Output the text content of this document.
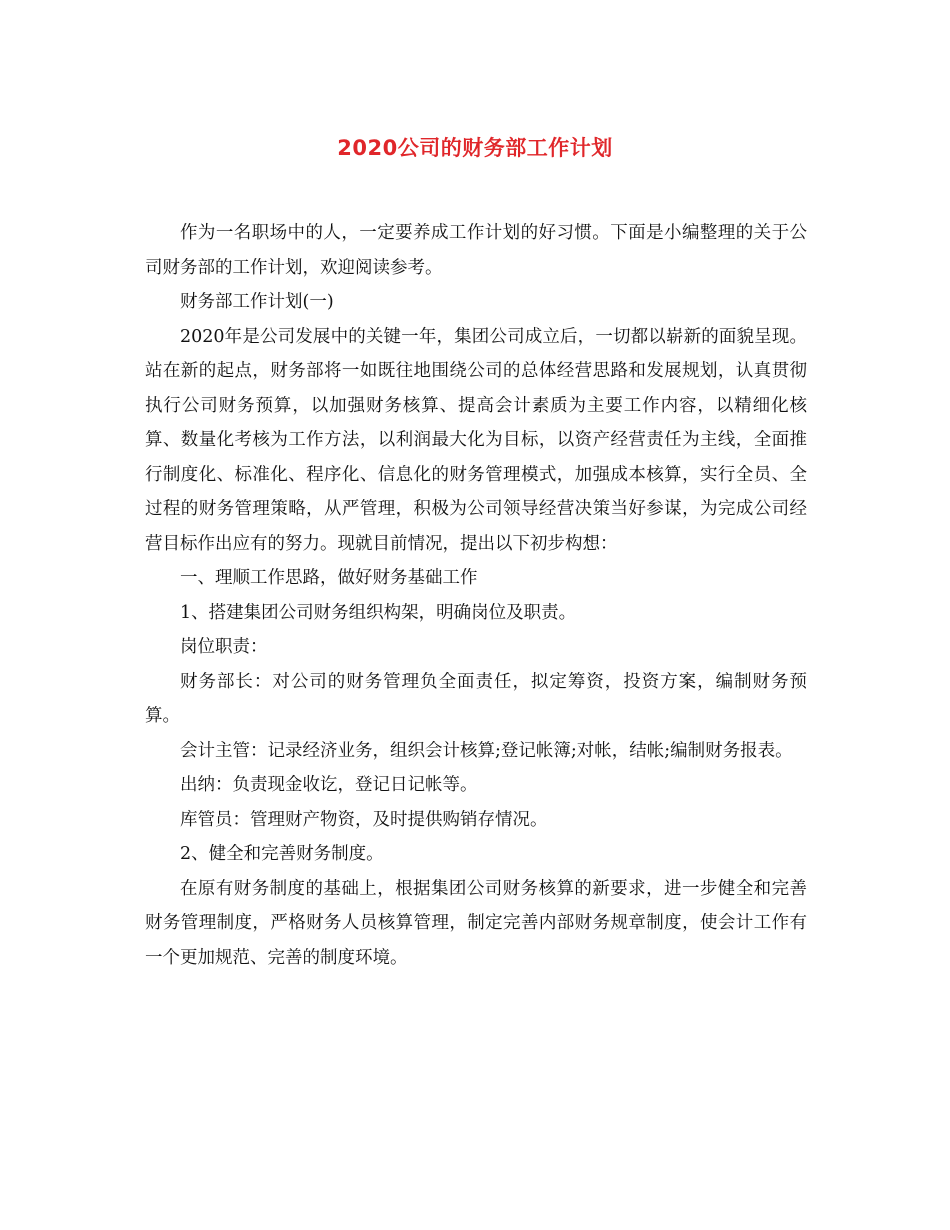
2020公司的财务部工作计划

作为一名职场中的人，一定要养成工作计划的好习惯。下面是小编整理的关于公司财务部的工作计划，欢迎阅读参考。

财务部工作计划(一)

2020年是公司发展中的关键一年，集团公司成立后，一切都以崭新的面貌呈现。站在新的起点，财务部将一如既往地围绕公司的总体经营思路和发展规划，认真贯彻执行公司财务预算，以加强财务核算、提高会计素质为主要工作内容，以精细化核算、数量化考核为工作方法，以利润最大化为目标，以资产经营责任为主线，全面推行制度化、标准化、程序化、信息化的财务管理模式，加强成本核算，实行全员、全过程的财务管理策略，从严管理，积极为公司领导经营决策当好参谋，为完成公司经营目标作出应有的努力。现就目前情况，提出以下初步构想：

一、理顺工作思路，做好财务基础工作

1、搭建集团公司财务组织构架，明确岗位及职责。

岗位职责：

财务部长：对公司的财务管理负全面责任，拟定筹资，投资方案，编制财务预算。

会计主管：记录经济业务，组织会计核算;登记帐簿;对帐，结帐;编制财务报表。

出纳：负责现金收讫，登记日记帐等。

库管员：管理财产物资，及时提供购销存情况。

2、健全和完善财务制度。

在原有财务制度的基础上，根据集团公司财务核算的新要求，进一步健全和完善财务管理制度，严格财务人员核算管理，制定完善内部财务规章制度，使会计工作有一个更加规范、完善的制度环境。
